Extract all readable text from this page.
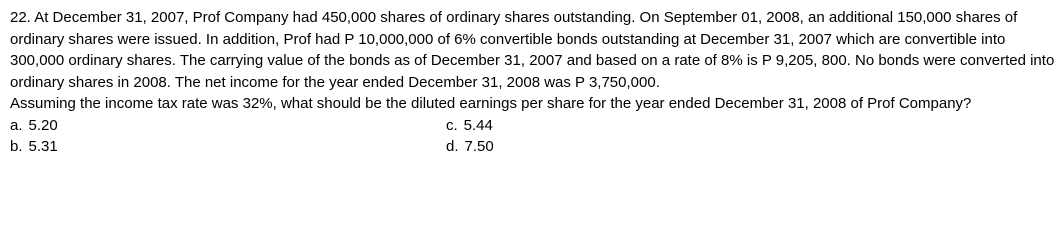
22. At December 31, 2007, Prof Company had 450,000 shares of ordinary shares outstanding. On September 01, 2008, an additional 150,000 shares of ordinary shares were issued. In addition, Prof had P 10,000,000 of 6% convertible bonds outstanding at December 31, 2007 which are convertible into 300,000 ordinary shares. The carrying value of the bonds as of December 31, 2007 and based on a rate of 8% is P 9,205, 800. No bonds were converted into ordinary shares in 2008. The net income for the year ended December 31, 2008 was P 3,750,000.

Assuming the income tax rate was 32%, what should be the diluted earnings per share for the year ended December 31, 2008 of Prof Company?

a. 5.20
b. 5.31
c. 5.44
d. 7.50
